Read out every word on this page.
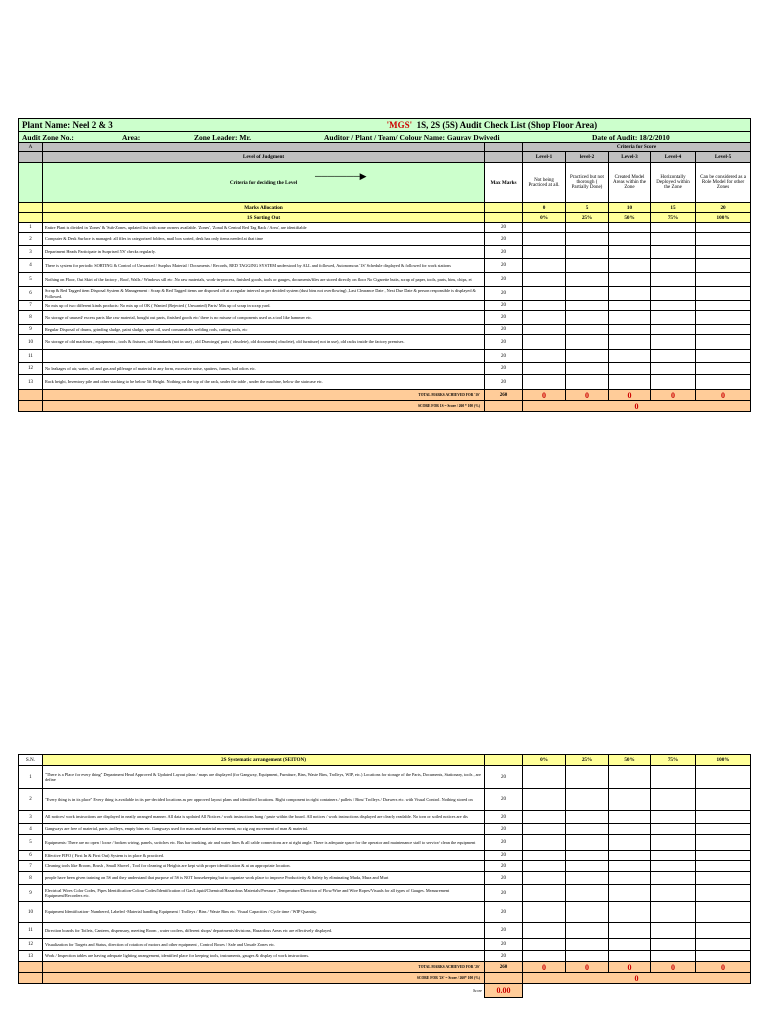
Plant Name: Neel 2 & 3 'MGS' 1S, 2S (5S) Audit Check List (Shop Floor Area)							

Audit Zone No.: Area: Zone Leader: Mr. Auditor / Plant / Team/ Colour Name: Gaurav Dwivedi Date of Audit: 18/2/2010							

A			Criteria for Score				
	Level of Judgment		Level-1	level-2	Level-3	Level-4	Level-5
	Criteria for deciding the Level
───────▶	Max Marks	Not being Practiced at all.	Practiced but not thorough ( Partially Done)	Created Model Areas within the Zone	Horizontally Deployed within the Zone	Can be considered as a Role Model for other Zones
	Marks Allocation		0	5	10	15	20
	1S Sorting Out		0%	25%	50%	75%	100%
1	Entire Plant is divided in 'Zones' & 'Sub-Zones, updated list with zone owners available. 'Zones', 'Zonal & Central Red Tag Rack / Area', are identifiable	20					
2	Computer & Desk Surface is managed: all files in categorized folders, mail box sorted, desk has only items needed at that time	20					
3	Department Heads Participate in Surprised 5'S' checks regularly.	20					
4	There is system for periodic SORTING & Control of Unwanted / Surplus Material / Documents / Records, RED TAGGING SYSTEM understood by ALL and followed, Autonomous '1S' Schedule displayed & followed for work stations	20					
5	Nothing on Floor, Out Skirt of the factory , Roof, Walls / Windows sill etc .No raw materials, work-in-process, finished goods, tools or gauges, documents/files are stored directly on floor No Cigarette butts, scrap of paper, tools, parts, bins, chips, et	20					
6	Scrap & Red Tagged item Disposal System & Management : Scrap & Red Tagged items are disposed off at a regular interval as per decided system (dust bins not overflowing) ,Last Clearance Date , Next Due Date & person responsible is displayed & Followed.	20					
7	No mix up of two different kinds products: No mix up of OK ( Wanted )Rejected ( Unwanted) Parts/ Mix up of scrap in scrap yard.	20					
8	No storage of unused/ excess parts like raw material, bought out parts, finished goods etc/ there is no misuse of components used as a tool like hammer etc.	20					
9	Regular Disposal of drums, grinding sludge, paint sludge, spent oil, used consumables welding rods, cutting tools, etc	20					
10	No storage of old machines , equipments , tools & fixtures, old Standards (not in use) , old Drawings( parts ( obsolete), old documents( obsolete), old furniture( not in use), old racks inside the factory premises.	20					
11		20					
12	No leakages of air, water, oil and gas and pilferage of material in any form, excessive noise, spatters, fumes, bad odors etc.	20					
13	Rack height, Inventory pile and other stacking to be below 5ft Height. Nothing on the top of the rack, under the table , under the machine, below the staircase etc.	20					
	TOTAL MARKS ACHIEVED FOR '1S'	260	0	0	0	0	0
	SCORE FOR 1S = Score / 260 * 100 (%)		0				
S.N.	2S Systematic arrangement (SEITON)		0%	25%	50%	75%	100%
1	"There is a Place for every thing" Department Head Approved & Updated Layout plans / maps are displayed (for Gangway, Equipment, Furniture, Bins, Waste Bins, Trolleys, WIP, etc.) Locations for storage of the Parts, Documents, Stationary, tools , are define	20					
2	"Every thing is in its place" Every thing is available in its pre-decided locations as per approved layout plans and identified locations. Right component in right containers / pallets / Bins/ Trolleys / Drawers etc. with Visual Control. Nothing stored on	20					
3	All notices/ work instructions are displayed in neatly arranged manner. All data is updated All Notices / work instructions hang / paste within the board. All notices / work instructions displayed are clearly readable. No torn or soiled notices are dis	20					
4	Gangways are free of material, parts ,trolleys, empty bins etc. Gangways used for man and material movement, no zig zag movement of man & material.	20					
5	Equipments: There are no open / loose / broken wiring, panels, switches etc. Bus bar trunking, air and water lines & all cable connections are at right angle. There is adequate space for the operator and maintenance staff to service/ clean the equipment	20					
6	Effective FIFO ( First In & First Out) System is in place & practiced.	20					
7	Cleaning tools like Broom, Brush , Small Shovel , Tool for cleaning at Heights are kept with proper identification & at an appropriate location.	20					
8	people have been given training on 5S and they understand that purpose of 5S is NOT housekeeping but to organize work place to improve Productivity & Safety by eliminating Muda, Mura and Muri	20					
9	Electrical Wires Color Codes, Pipes Identification-Colour Codes/Identification of Gas/Liquid/Chemical/Hazardous Materials/Pressure ,Temperature/Direction of Flow/Wire and Wire Ropes/Visuals for all types of Gauges. Measurement Equipment/Recorders etc.	20					
10	Equipment Identification- Numbered, Labeled -Material handling Equipment / Trolleys / Bins / Waste Bins etc. Visual Capacities / Cycle time / WIP Quantity.	20					
11	Direction boards for Toilets, Canteen, dispensary, meeting Room , water coolers, different shops/ departments/divisions, Hazardous Areas etc are effectively displayed.	20					
12	Visualization for Targets and Status, direction of rotation of motors and other equipment , Control Boxes / Safe and Unsafe Zones etc.	20					
13	Work / Inspection tables are having adequate lighting arrangement, identified place for keeping tools, instruments, gauges & display of work instructions.	20					
	TOTAL MARKS ACHIEVED FOR '2S'	260	0	0	0	0	0
	SCORE FOR '2S' = Score / 260* 100 (%)		0				
	Score	0.00					
